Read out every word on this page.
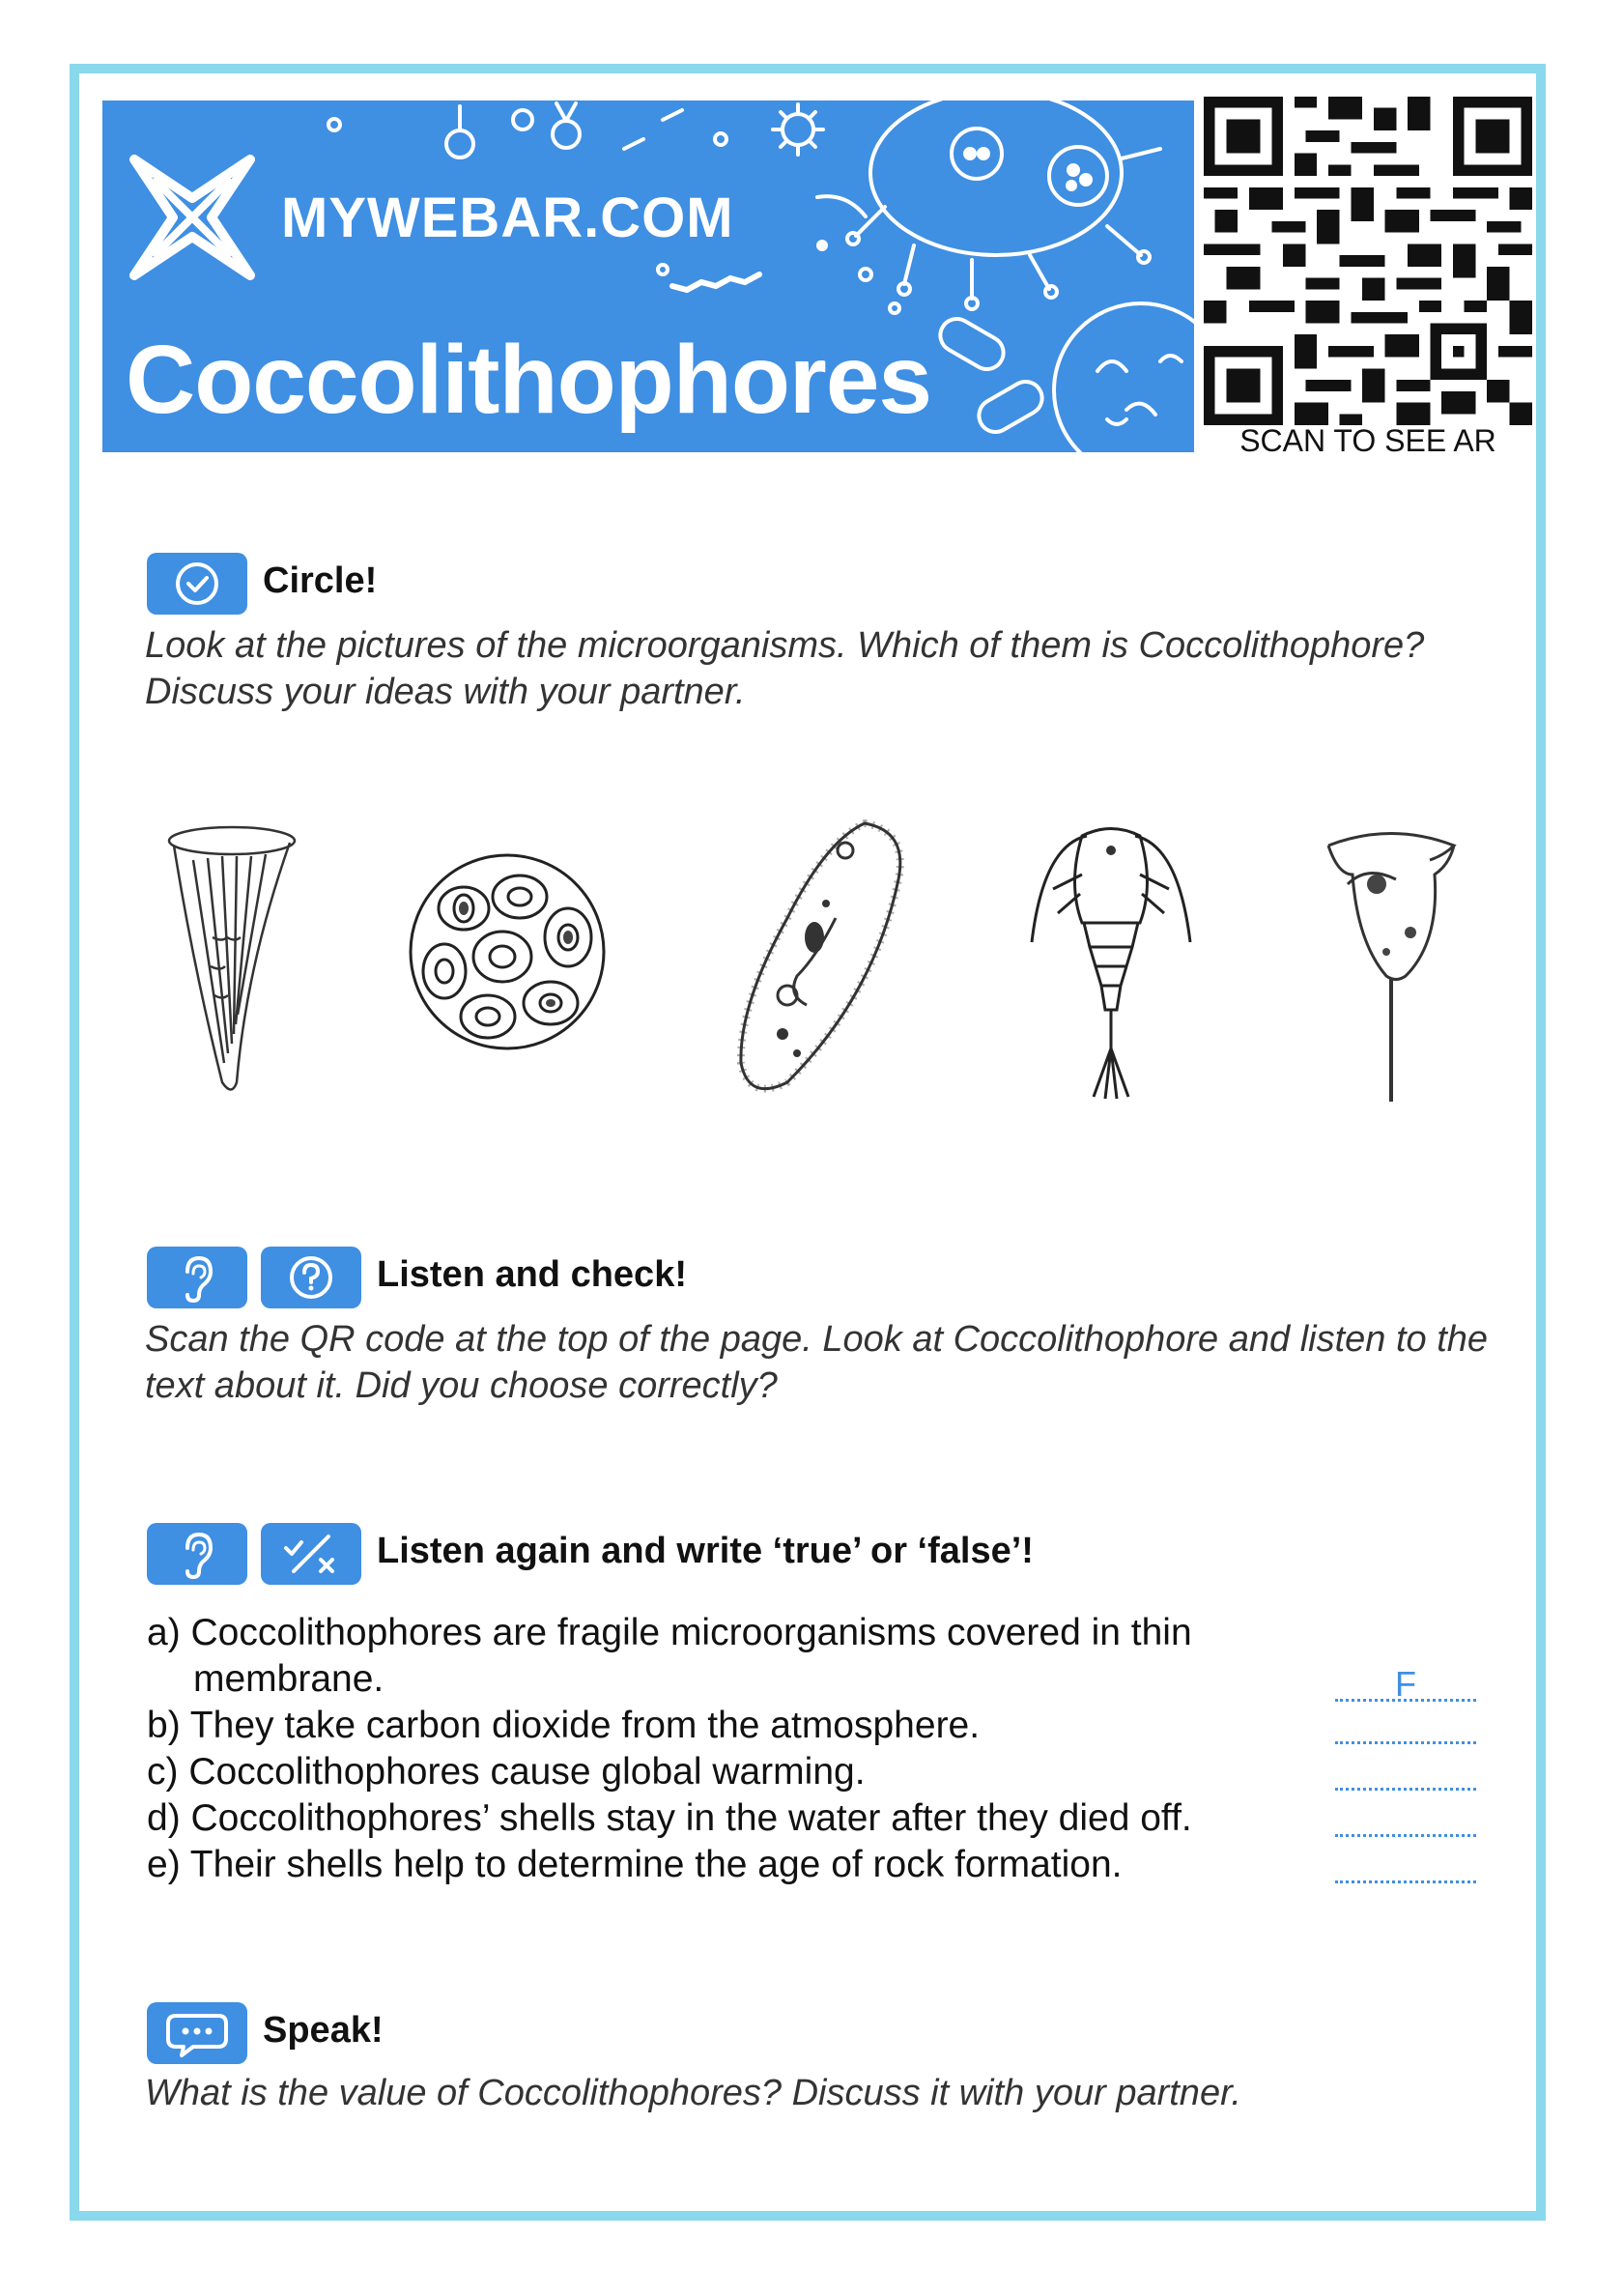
MYWEBAR.COM
Coccolithophores
SCAN TO SEE AR
Circle!

Look at the pictures of the microorganisms. Which of them is Coccolithophore?

Discuss your ideas with your partner.

Listen and check!

Scan the QR code at the top of the page. Look at Coccolithophore and listen to the

text about it. Did you choose correctly?

Listen again and write ‘true’ or ‘false’!
a) Coccolithophores are fragile microorganisms covered in thin
membrane.	F
b) They take carbon dioxide from the atmosphere.
c) Coccolithophores cause global warming.
d) Coccolithophores’ shells stay in the water after they died off.
e) Their shells help to determine the age of rock formation.
Speak!

What is the value of Coccolithophores? Discuss it with your partner.
